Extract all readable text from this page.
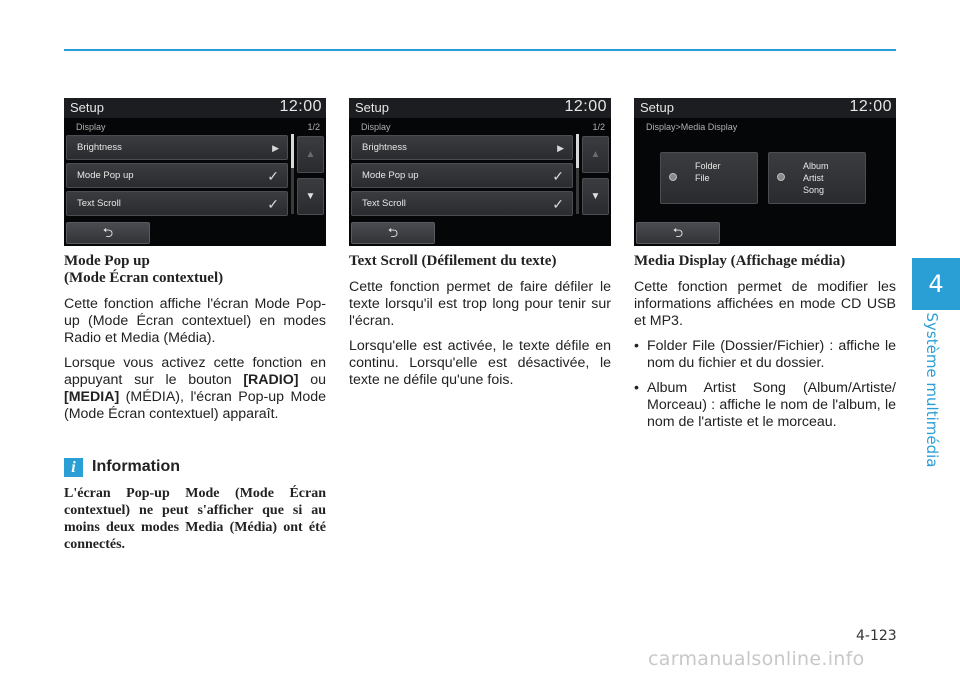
4
Système multimédia
Setup	12:00
Display	1/2
Brightness	▶
Mode Pop up	✓
Text Scroll	✓
▲
▼
⮌
Setup	12:00
Display	1/2
Brightness	▶
Mode Pop up	✓
Text Scroll	✓
▲
▼
⮌
Setup	12:00
Display>Media Display
Folder
File
Album
Artist
Song
⮌
Mode Pop up
(Mode Écran contextuel)

Cette fonction affiche l'écran Mode Pop-up (Mode Écran contextuel) en modes Radio et Media (Média).

Lorsque vous activez cette fonction en appuyant sur le bouton [RADIO] ou [MEDIA] (MÉDIA), l'écran Pop-up Mode (Mode Écran contextuel) apparaît.

i	Information
L'écran Pop-up Mode (Mode Écran contextuel) ne peut s'afficher que si au moins deux modes Media (Média) ont été connectés.
Text Scroll (Défilement du texte)

Cette fonction permet de faire défiler le texte lorsqu'il est trop long pour tenir sur l'écran.

Lorsqu'elle est activée, le texte défile en continu. Lorsqu'elle est désactivée, le texte ne défile qu'une fois.

Media Display (Affichage média)

Cette fonction permet de modifier les informations affichées en mode CD USB et MP3.

• Folder File (Dossier/Fichier) : affiche le nom du fichier et du dossier.
• Album Artist Song (Album/Artiste/ Morceau) : affiche le nom de l'album, le nom de l'artiste et le morceau.
4-123
carmanualsonline.info
